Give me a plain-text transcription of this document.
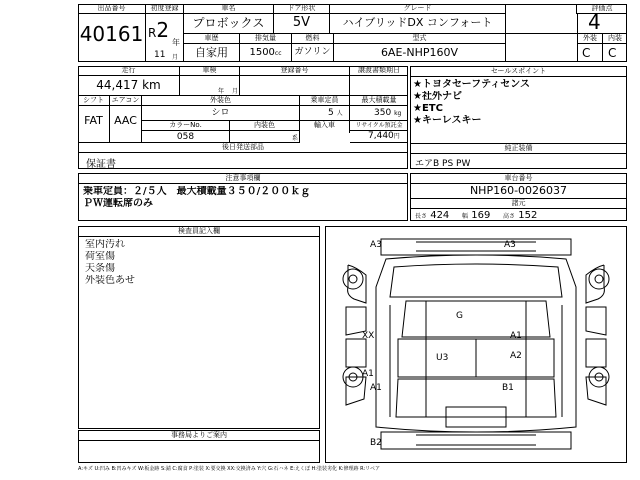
出品番号
40161
初度登録
R2
年
11 月
車名
プロボックス
ドア形状
5V
グレード
ハイブリッドDX コンフォート
評価点
4
車歴
自家用
排気量
1500cc
燃料
ガソリン
型式
6AE-NHP160V
外装	内装
C C
走行
44,417 km
車検
年 月
登録番号	譲渡書類期日
シフト
FAT
エアコン
AAC
外装色
シロ
乗車定員
5 人
最大積載量
350 kg
カラーNo.
058
内装色
系
輸入車	リサイクル預託金
7,440円
後日発送部品
保証書
セールスポイント
★トヨタセーフティセンス
★社外ナビ
★ETC
★キーレスキー
純正装備
エアB PS PW
注意事項欄
乗車定員：２/５人　最大積載量３５０/２００ｋｇ
ＰＷ運転席のみ
車台番号
NHP160-0026037
諸元
長さ 424 幅 169 高さ 152
検査員記入欄
室内汚れ
荷室傷
天条傷
外装色あせ
事務局よりご案内
A3	A3
G
XX	A1
U3	A2
A1
A1	B1
B2
A:キズ U:凹み B:凹みキズ W:板金跡 S:錆 C:腐食 P:塗装 X:要交換 XX:交換済み Y:穴 G:石ハネ E:えくぼ H:塗装劣化 K:修理跡 R:リペア
